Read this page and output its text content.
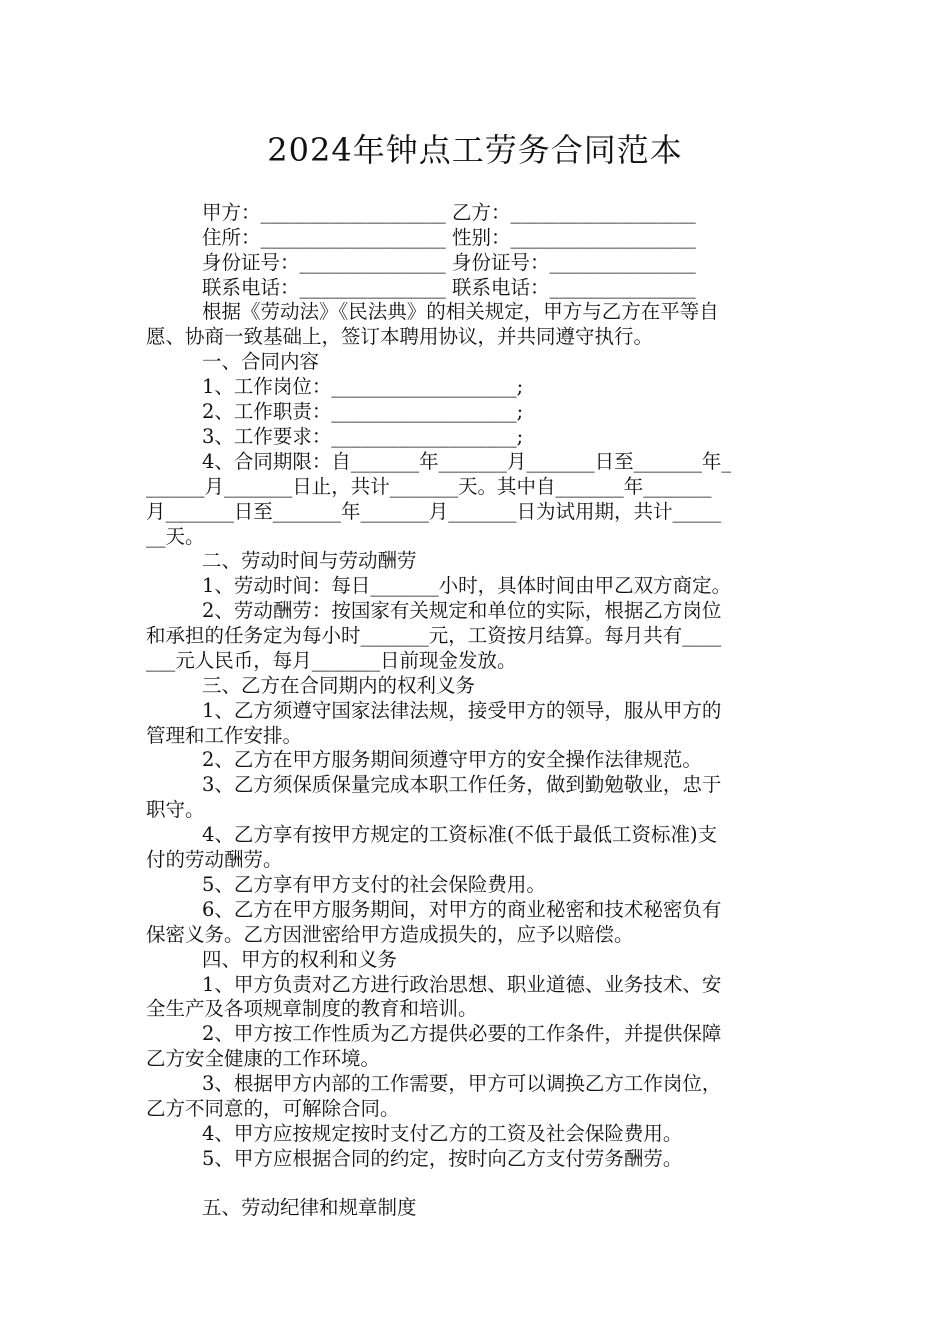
2024年钟点工劳务合同范本
甲方：___________________ 乙方：___________________
住所：___________________ 性别：___________________
身份证号：_______________ 身份证号：_______________
联系电话：_______________ 联系电话：_______________
根据《劳动法》《民法典》的相关规定，甲方与乙方在平等自
愿、协商一致基础上，签订本聘用协议，并共同遵守执行。
一、合同内容
1、工作岗位：___________________;
2、工作职责：___________________;
3、工作要求：___________________;
4、合同期限：自_______年_______月_______日至_______年_
______月_______日止，共计_______天。其中自_______年_______
月_______日至_______年_______月_______日为试用期，共计_____
__天。
二、劳动时间与劳动酬劳
1、劳动时间：每日_______小时，具体时间由甲乙双方商定。
2、劳动酬劳：按国家有关规定和单位的实际，根据乙方岗位
和承担的任务定为每小时_______元，工资按月结算。每月共有____
___元人民币，每月_______日前现金发放。
三、乙方在合同期内的权利义务
1、乙方须遵守国家法律法规，接受甲方的领导，服从甲方的
管理和工作安排。
2、乙方在甲方服务期间须遵守甲方的安全操作法律规范。
3、乙方须保质保量完成本职工作任务，做到勤勉敬业，忠于
职守。
4、乙方享有按甲方规定的工资标准(不低于最低工资标准)支
付的劳动酬劳。
5、乙方享有甲方支付的社会保险费用。
6、乙方在甲方服务期间，对甲方的商业秘密和技术秘密负有
保密义务。乙方因泄密给甲方造成损失的，应予以赔偿。
四、甲方的权利和义务
1、甲方负责对乙方进行政治思想、职业道德、业务技术、安
全生产及各项规章制度的教育和培训。
2、甲方按工作性质为乙方提供必要的工作条件，并提供保障
乙方安全健康的工作环境。
3、根据甲方内部的工作需要，甲方可以调换乙方工作岗位，
乙方不同意的，可解除合同。
4、甲方应按规定按时支付乙方的工资及社会保险费用。
5、甲方应根据合同的约定，按时向乙方支付劳务酬劳。
五、劳动纪律和规章制度
